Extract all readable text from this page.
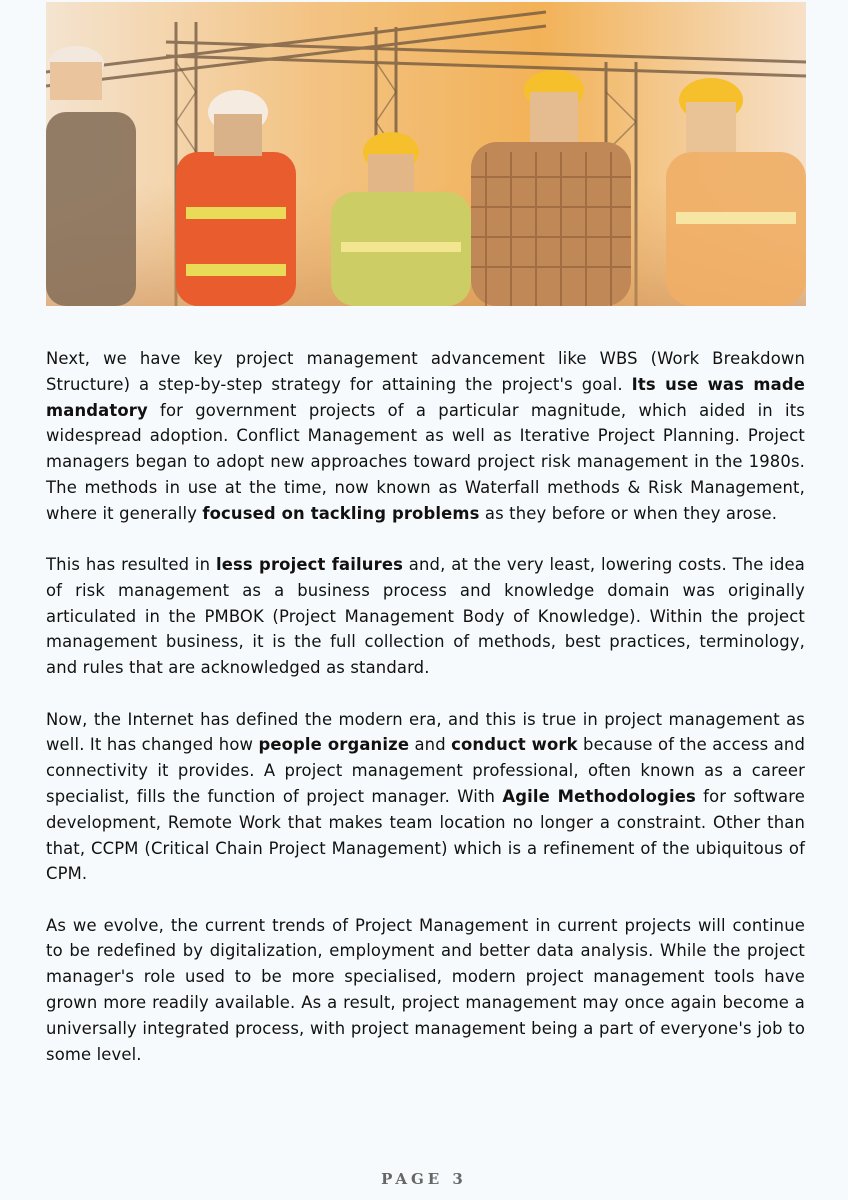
Next, we have key project management advancement like WBS (Work Breakdown Structure) a step-by-step strategy for attaining the project's goal. Its use was made mandatory for government projects of a particular magnitude, which aided in its widespread adoption. Conflict Management as well as Iterative Project Planning. Project managers began to adopt new approaches toward project risk management in the 1980s. The methods in use at the time, now known as Waterfall methods & Risk Management, where it generally focused on tackling problems as they before or when they arose.

This has resulted in less project failures and, at the very least, lowering costs. The idea of risk management as a business process and knowledge domain was originally articulated in the PMBOK (Project Management Body of Knowledge). Within the project management business, it is the full collection of methods, best practices, terminology, and rules that are acknowledged as standard.

Now, the Internet has defined the modern era, and this is true in project management as well. It has changed how people organize and conduct work because of the access and connectivity it provides. A project management professional, often known as a career specialist, fills the function of project manager. With Agile Methodologies for software development, Remote Work that makes team location no longer a constraint. Other than that, CCPM (Critical Chain Project Management) which is a refinement of the ubiquitous of CPM.

As we evolve, the current trends of Project Management in current projects will continue to be redefined by digitalization, employment and better data analysis. While the project manager's role used to be more specialised, modern project management tools have grown more readily available. As a result, project management may once again become a universally integrated process, with project management being a part of everyone's job to some level.

PAGE 3
